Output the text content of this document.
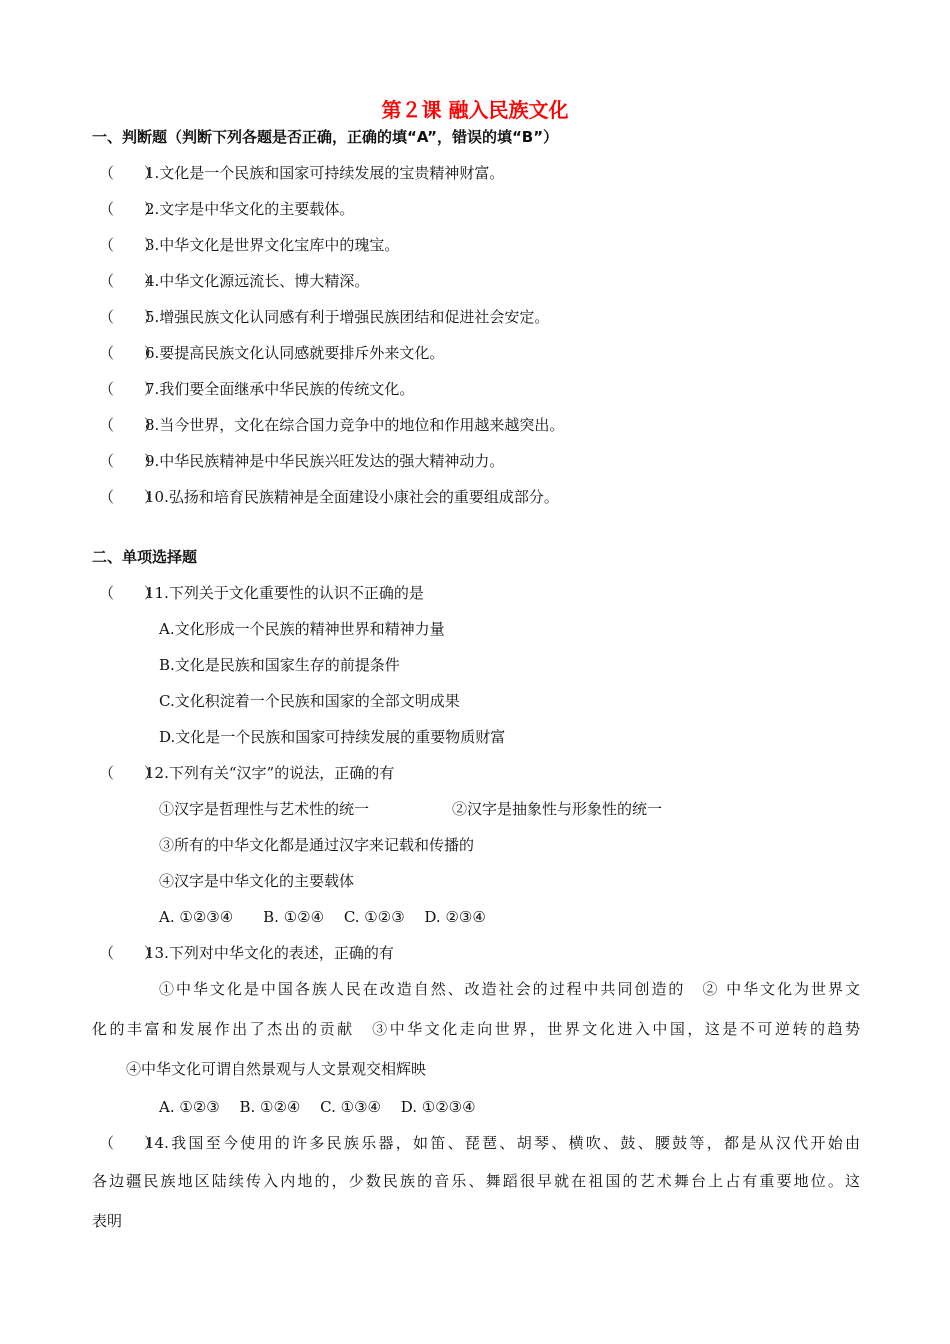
第２课 融入民族文化
一、判断题（判断下列各题是否正确，正确的填“A”，错误的填“B”）
（　　）
1.文化是一个民族和国家可持续发展的宝贵精神财富。
（　　）
2.文字是中华文化的主要载体。
（　　）
3.中华文化是世界文化宝库中的瑰宝。
（　　）
4.中华文化源远流长、博大精深。
（　　）
5.增强民族文化认同感有利于增强民族团结和促进社会安定。
（　　）
6.要提高民族文化认同感就要排斥外来文化。
（　　）
7.我们要全面继承中华民族的传统文化。
（　　）
8.当今世界，文化在综合国力竞争中的地位和作用越来越突出。
（　　）
9.中华民族精神是中华民族兴旺发达的强大精神动力。
（　　）
10.弘扬和培育民族精神是全面建设小康社会的重要组成部分。
二、单项选择题
（　　）
11.下列关于文化重要性的认识不正确的是
A.文化形成一个民族的精神世界和精神力量
B.文化是民族和国家生存的前提条件
C.文化积淀着一个民族和国家的全部文明成果
D.文化是一个民族和国家可持续发展的重要物质财富
（　　）
12.下列有关“汉字”的说法，正确的有
①汉字是哲理性与艺术性的统一	②汉字是抽象性与形象性的统一
③所有的中华文化都是通过汉字来记载和传播的
④汉字是中华文化的主要载体
A. ①②③④　　B. ①②④　 C. ①②③　 D. ②③④
（　　）
13.下列对中华文化的表述，正确的有
①中华文化是中国各族人民在改造自然、改造社会的过程中共同创造的　② 中华文化为世界文
化的丰富和发展作出了杰出的贡献　③中华文化走向世界，世界文化进入中国，这是不可逆转的趋势
④中华文化可谓自然景观与人文景观交相辉映
A. ①②③　 B. ①②④　 C. ①③④　 D. ①②③④
（　　）
14.我国至今使用的许多民族乐器，如笛、琵琶、胡琴、横吹、鼓、腰鼓等，都是从汉代开始由
各边疆民族地区陆续传入内地的，少数民族的音乐、舞蹈很早就在祖国的艺术舞台上占有重要地位。这
表明
